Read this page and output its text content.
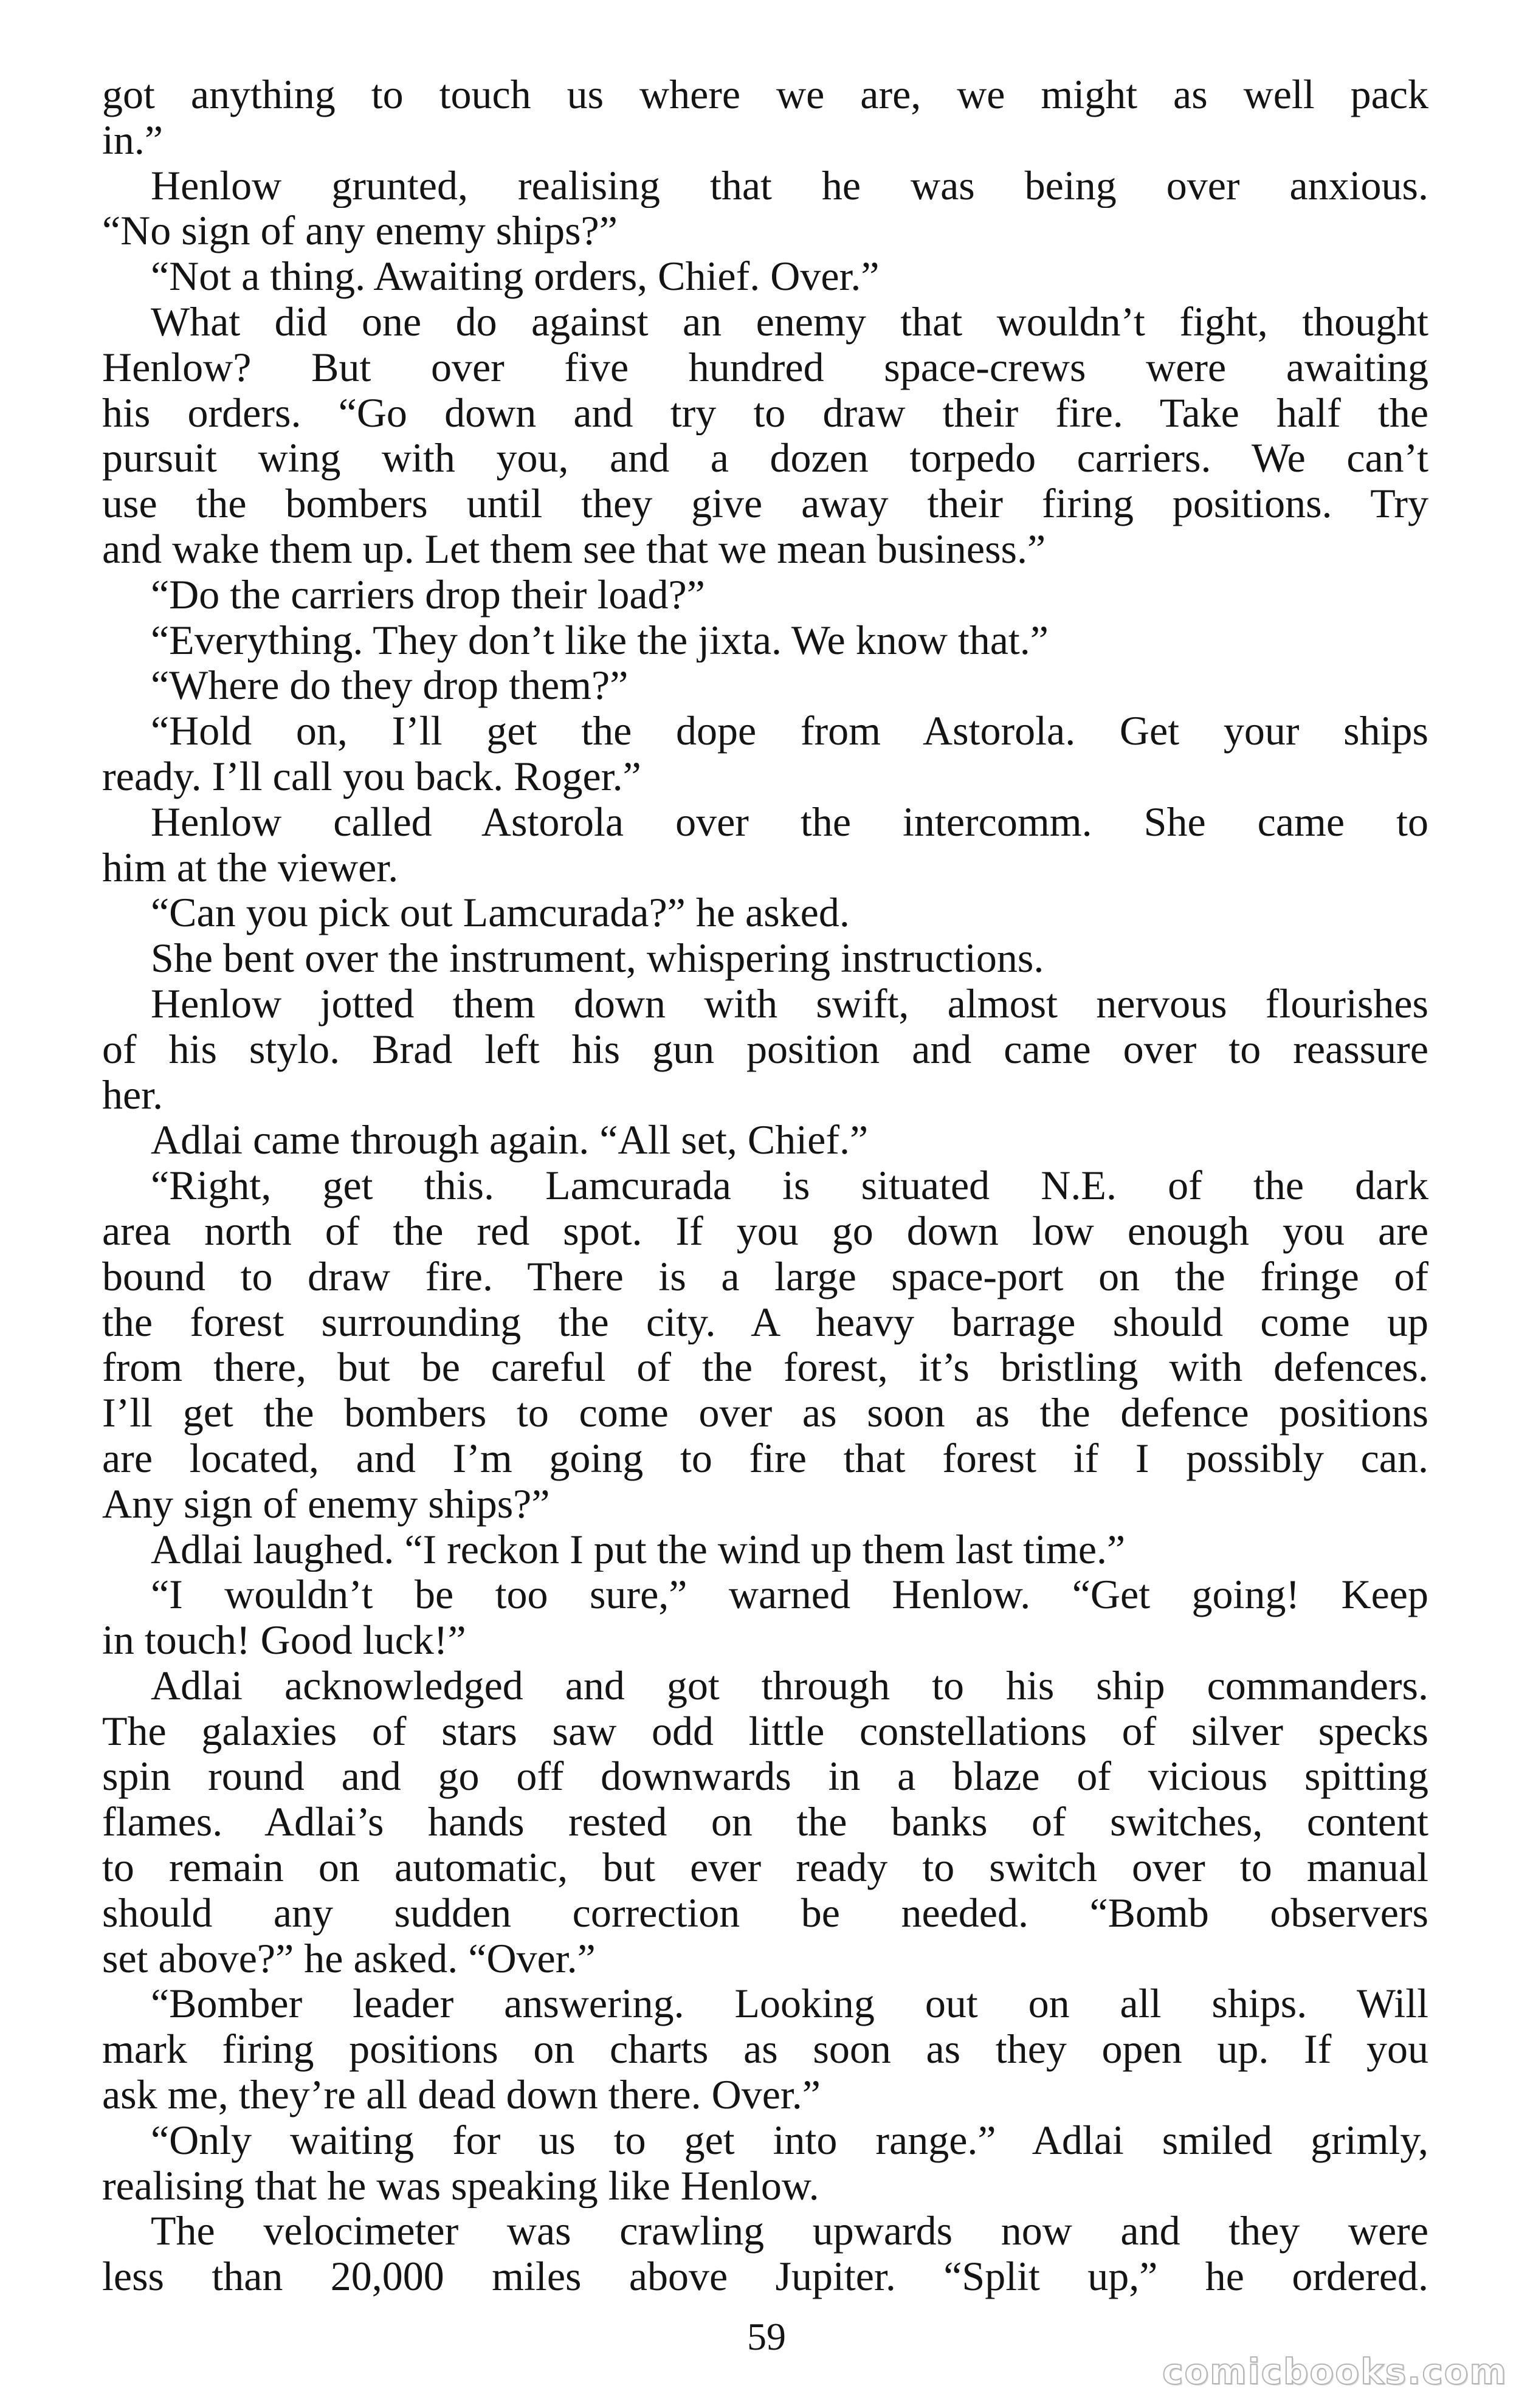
got anything to touch us where we are, we might as well pack
in.”
Henlow grunted, realising that he was being over anxious.
“No sign of any enemy ships?”
“Not a thing. Awaiting orders, Chief. Over.”
What did one do against an enemy that wouldn’t fight, thought
Henlow? But over five hundred space-crews were awaiting
his orders. “Go down and try to draw their fire. Take half the
pursuit wing with you, and a dozen torpedo carriers. We can’t
use the bombers until they give away their firing positions. Try
and wake them up. Let them see that we mean business.”
“Do the carriers drop their load?”
“Everything. They don’t like the jixta. We know that.”
“Where do they drop them?”
“Hold on, I’ll get the dope from Astorola. Get your ships
ready. I’ll call you back. Roger.”
Henlow called Astorola over the intercomm. She came to
him at the viewer.
“Can you pick out Lamcurada?” he asked.
She bent over the instrument, whispering instructions.
Henlow jotted them down with swift, almost nervous flourishes
of his stylo. Brad left his gun position and came over to reassure
her.
Adlai came through again. “All set, Chief.”
“Right, get this. Lamcurada is situated N.E. of the dark
area north of the red spot. If you go down low enough you are
bound to draw fire. There is a large space-port on the fringe of
the forest surrounding the city. A heavy barrage should come up
from there, but be careful of the forest, it’s bristling with defences.
I’ll get the bombers to come over as soon as the defence positions
are located, and I’m going to fire that forest if I possibly can.
Any sign of enemy ships?”
Adlai laughed. “I reckon I put the wind up them last time.”
“I wouldn’t be too sure,” warned Henlow. “Get going! Keep
in touch! Good luck!”
Adlai acknowledged and got through to his ship commanders.
The galaxies of stars saw odd little constellations of silver specks
spin round and go off downwards in a blaze of vicious spitting
flames. Adlai’s hands rested on the banks of switches, content
to remain on automatic, but ever ready to switch over to manual
should any sudden correction be needed. “Bomb observers
set above?” he asked. “Over.”
“Bomber leader answering. Looking out on all ships. Will
mark firing positions on charts as soon as they open up. If you
ask me, they’re all dead down there. Over.”
“Only waiting for us to get into range.” Adlai smiled grimly,
realising that he was speaking like Henlow.
The velocimeter was crawling upwards now and they were
less than 20,000 miles above Jupiter. “Split up,” he ordered.
59
comicbooks.com
